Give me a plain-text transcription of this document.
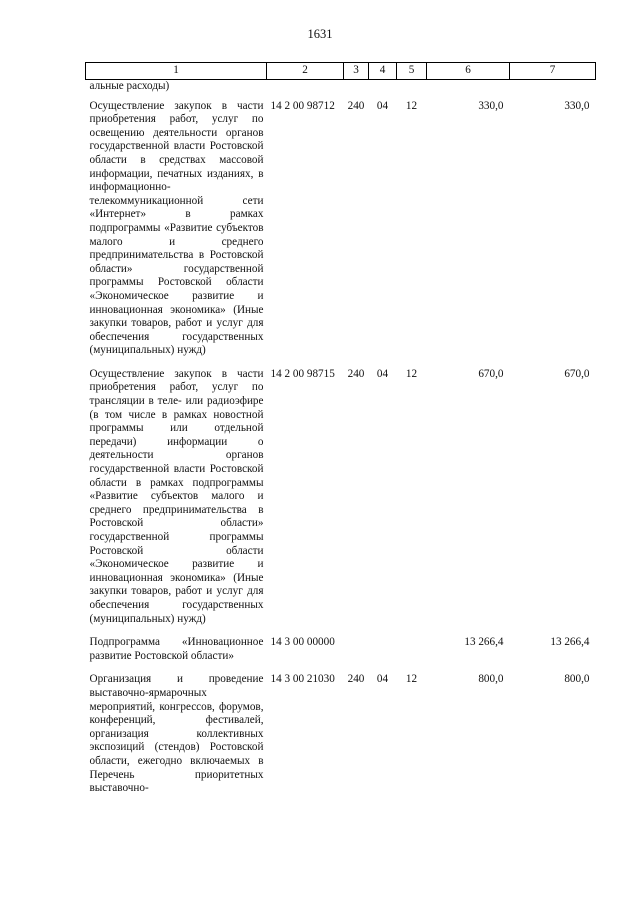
1631
1	2	3	4	5	6	7
альные расходы)						
Осуществление закупок в части приобретения работ, услуг по освещению деятельности органов государственной власти Ростовской области в средствах массовой информации, печатных изданиях, в информационно-телекоммуникационной сети «Интернет» в рамках подпрограммы «Развитие субъектов малого и среднего предпринимательства в Ростовской области» государственной программы Ростовской области «Экономическое развитие и инновационная экономика» (Иные закупки товаров, работ и услуг для обеспечения государственных (муниципальных) нужд)	14 2 00 98712	240	04	12	330,0	330,0
Осуществление закупок в части приобретения работ, услуг по трансляции в теле- или радиоэфире (в том числе в рамках новостной программы или отдельной передачи) информации о деятельности органов государственной власти Ростовской области в рамках подпрограммы «Развитие субъектов малого и среднего предпринимательства в Ростовской области» государственной программы Ростовской области «Экономическое развитие и инновационная экономика» (Иные закупки товаров, работ и услуг для обеспечения государственных (муниципальных) нужд)	14 2 00 98715	240	04	12	670,0	670,0
Подпрограмма «Инновационное развитие Ростовской области»	14 3 00 00000				13 266,4	13 266,4
Организация и проведение выставочно-ярмарочных мероприятий, конгрессов, форумов, конференций, фестивалей, организация коллективных экспозиций (стендов) Ростовской области, ежегодно включаемых в Перечень приоритетных выставочно-	14 3 00 21030	240	04	12	800,0	800,0
